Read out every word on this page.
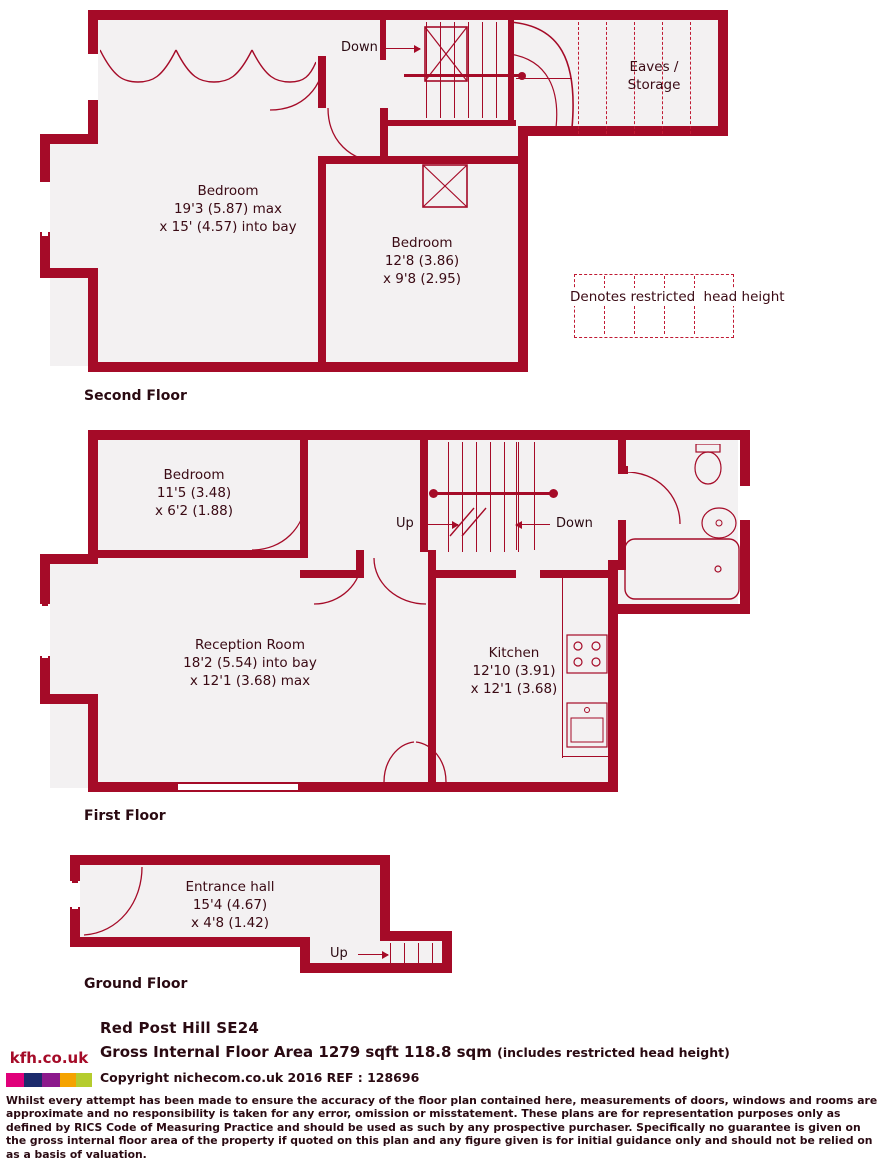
Bedroom
19'3 (5.87) max
x 15' (4.57) into bay
Bedroom
12'8 (3.86)
x 9'8 (2.95)
Eaves /
Storage
Down
Second Floor
Denotes restricted head height
Up	Down
Bedroom
11'5 (3.48)
x 6'2 (1.88)
Reception Room
18'2 (5.54) into bay
x 12'1 (3.68) max
Kitchen
12'10 (3.91)
x 12'1 (3.68)
First Floor
Up
Entrance hall
15'4 (4.67)
x 4'8 (1.42)
Ground Floor
kfh.co.uk
Red Post Hill SE24
Gross Internal Floor Area 1279 sqft 118.8 sqm (includes restricted head height)
Copyright nichecom.co.uk 2016 REF : 128696
Whilst every attempt has been made to ensure the accuracy of the floor plan contained here, measurements of doors, windows and rooms are approximate and no responsibility is taken for any error, omission or misstatement. These plans are for representation purposes only as defined by RICS Code of Measuring Practice and should be used as such by any prospective purchaser. Specifically no guarantee is given on the gross internal floor area of the property if quoted on this plan and any figure given is for initial guidance only and should not be relied on as a basis of valuation.
